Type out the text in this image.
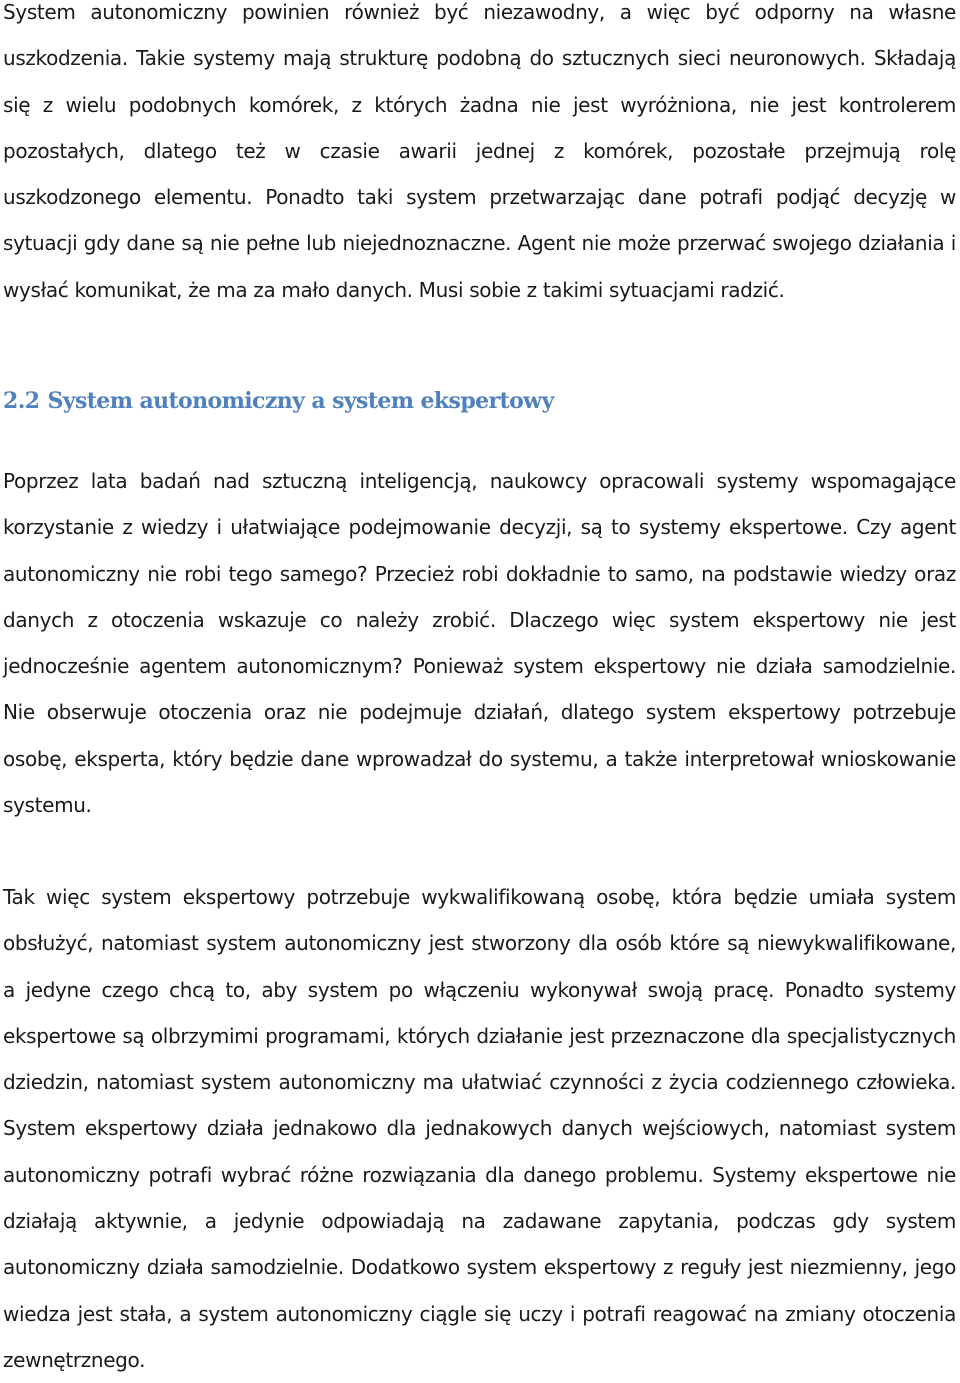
System autonomiczny powinien również być niezawodny, a więc być odporny na własne uszkodzenia. Takie systemy mają strukturę podobną do sztucznych sieci neuronowych. Składają się z wielu podobnych komórek, z których żadna nie jest wyróżniona, nie jest kontrolerem pozostałych, dlatego też w czasie awarii jednej z komórek, pozostałe przejmują rolę uszkodzonego elementu. Ponadto taki system przetwarzając dane potrafi podjąć decyzję w sytuacji gdy dane są nie pełne lub niejednoznaczne. Agent nie może przerwać swojego działania i wysłać komunikat, że ma za mało danych. Musi sobie z takimi sytuacjami radzić.

2.2 System autonomiczny a system ekspertowy

Poprzez lata badań nad sztuczną inteligencją, naukowcy opracowali systemy wspomagające korzystanie z wiedzy i ułatwiające podejmowanie decyzji, są to systemy ekspertowe. Czy agent autonomiczny nie robi tego samego? Przecież robi dokładnie to samo, na podstawie wiedzy oraz danych z otoczenia wskazuje co należy zrobić. Dlaczego więc system ekspertowy nie jest jednocześnie agentem autonomicznym? Ponieważ system ekspertowy nie działa samodzielnie. Nie obserwuje otoczenia oraz nie podejmuje działań, dlatego system ekspertowy potrzebuje osobę, eksperta, który będzie dane wprowadzał do systemu, a także interpretował wnioskowanie systemu.

Tak więc system ekspertowy potrzebuje wykwalifikowaną osobę, która będzie umiała system obsłużyć, natomiast system autonomiczny jest stworzony dla osób które są niewykwalifikowane, a jedyne czego chcą to, aby system po włączeniu wykonywał swoją pracę. Ponadto systemy ekspertowe są olbrzymimi programami, których działanie jest przeznaczone dla specjalistycznych dziedzin, natomiast system autonomiczny ma ułatwiać czynności z życia codziennego człowieka. System ekspertowy działa jednakowo dla jednakowych danych wejściowych, natomiast system autonomiczny potrafi wybrać różne rozwiązania dla danego problemu. Systemy ekspertowe nie działają aktywnie, a jedynie odpowiadają na zadawane zapytania, podczas gdy system autonomiczny działa samodzielnie. Dodatkowo system ekspertowy z reguły jest niezmienny, jego wiedza jest stała, a system autonomiczny ciągle się uczy i potrafi reagować na zmiany otoczenia zewnętrznego.
